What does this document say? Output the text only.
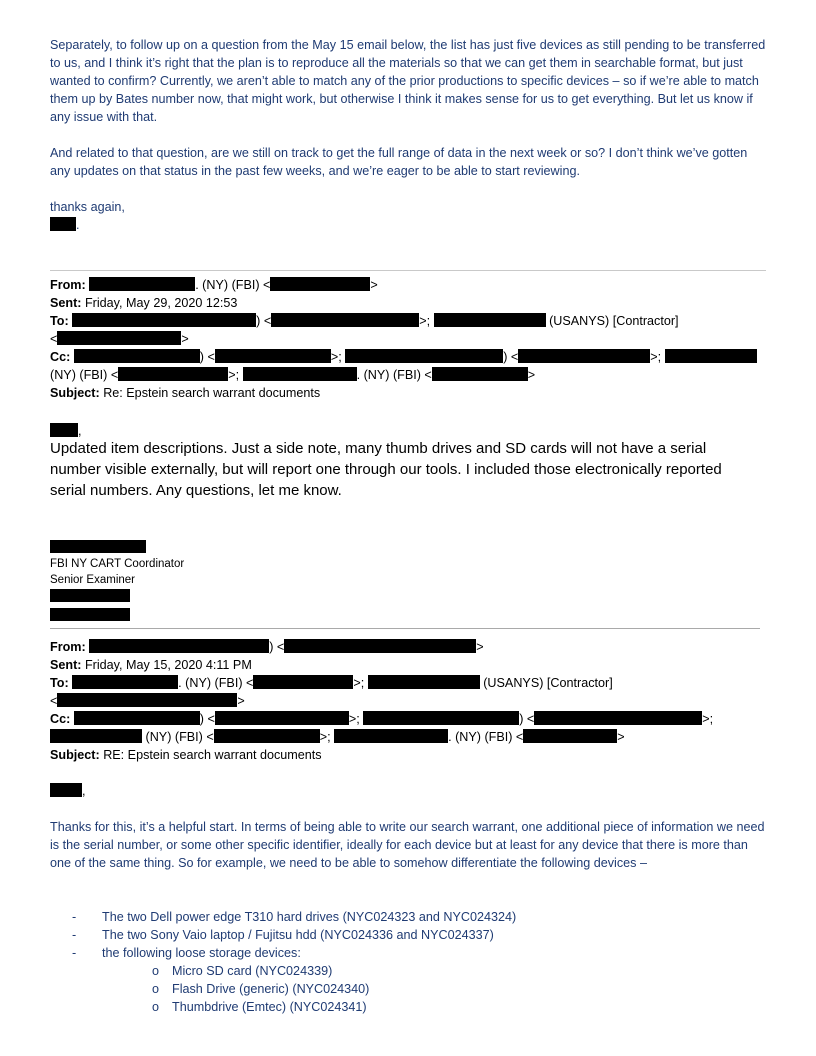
Separately, to follow up on a question from the May 15 email below, the list has just five devices as still pending to be transferred to us, and I think it’s right that the plan is to reproduce all the materials so that we can get them in searchable format, but just wanted to confirm? Currently, we aren’t able to match any of the prior productions to specific devices – so if we’re able to match them up by Bates number now, that might work, but otherwise I think it makes sense for us to get everything. But let us know if any issue with that.

And related to that question, are we still on track to get the full range of data in the next week or so? I don’t think we’ve gotten any updates on that status in the past few weeks, and we’re eager to be able to start reviewing.

thanks again,

.
From:	. (NY) (FBI) <	>
Sent: Friday, May 29, 2020 12:53
To:	) <	>;	(USANYS) [Contractor]
<	>
Cc:	) <	>;	) <	>;
(NY) (FBI) <	>;	. (NY) (FBI) <	>
Subject: Re: Epstein search warrant documents
,
Updated item descriptions. Just a side note, many thumb drives and SD cards will not have a serial number visible externally, but will report one through our tools. I included those electronically reported serial numbers. Any questions, let me know.
FBI NY CART Coordinator
Senior Examiner
From:	) <	>
Sent: Friday, May 15, 2020 4:11 PM
To:	. (NY) (FBI) <	>;	(USANYS) [Contractor]
<	>
Cc:	) <	>;	) <	>;
(NY) (FBI) <	>;	. (NY) (FBI) <	>
Subject: RE: Epstein search warrant documents
,

Thanks for this, it’s a helpful start. In terms of being able to write our search warrant, one additional piece of information we need is the serial number, or some other specific identifier, ideally for each device but at least for any device that there is more than one of the same thing. So for example, we need to be able to somehow differentiate the following devices –

- The two Dell power edge T310 hard drives (NYC024323 and NYC024324)
- The two Sony Vaio laptop / Fujitsu hdd (NYC024336 and NYC024337)
- the following loose storage devices:
o Micro SD card (NYC024339)
o Flash Drive (generic) (NYC024340)
o Thumbdrive (Emtec) (NYC024341)
